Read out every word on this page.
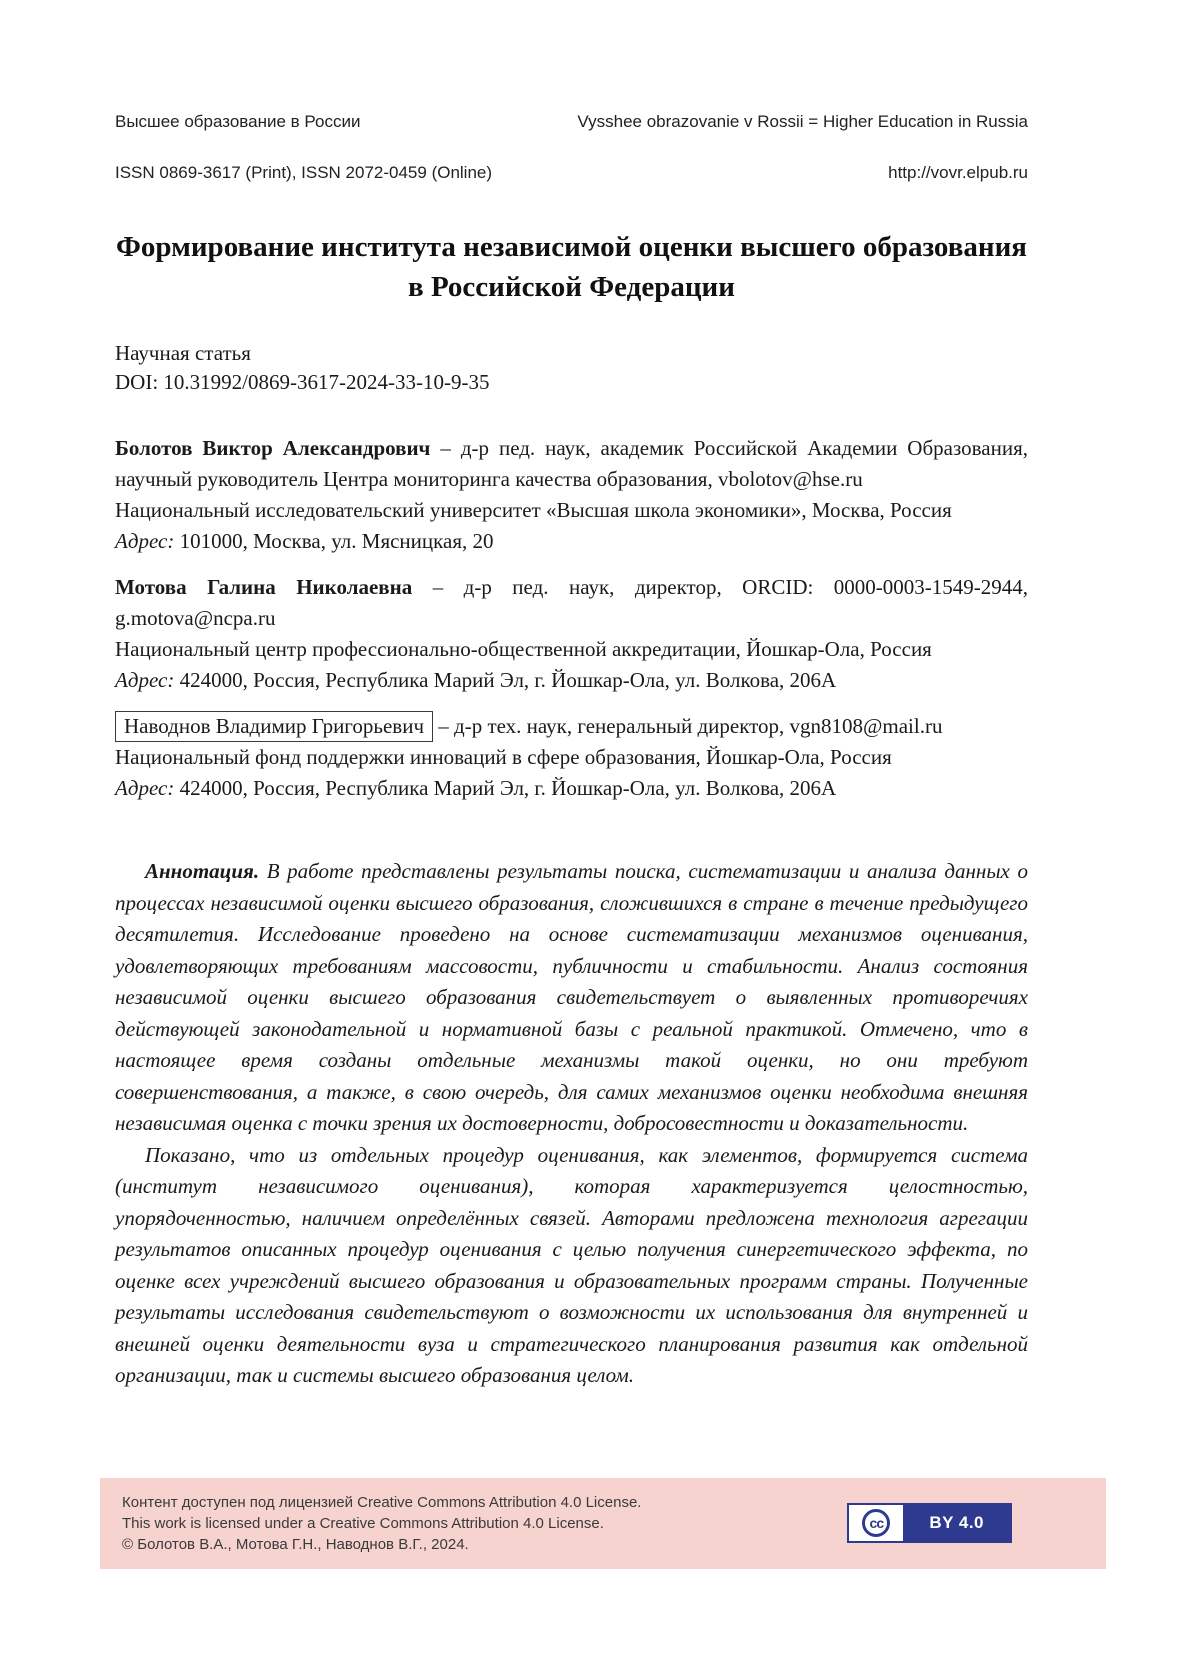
Высшее образование в России	Vysshee obrazovanie v Rossii = Higher Education in Russia
ISSN 0869-3617 (Print), ISSN 2072-0459 (Online)	http://vovr.elpub.ru
Формирование института независимой оценки высшего образования в Российской Федерации
Научная статья
DOI: 10.31992/0869-3617-2024-33-10-9-35

Болотов Виктор Александрович – д-р пед. наук, академик Российской Академии Образования, научный руководитель Центра мониторинга качества образования, vbolotov@hse.ru

Национальный исследовательский университет «Высшая школа экономики», Москва, Россия

Адрес: 101000, Москва, ул. Мясницкая, 20

Мотова Галина Николаевна – д-р пед. наук, директор, ORCID: 0000-0003-1549-2944, g.motova@ncpa.ru

Национальный центр профессионально-общественной аккредитации, Йошкар-Ола, Россия

Адрес: 424000, Россия, Республика Марий Эл, г. Йошкар-Ола, ул. Волкова, 206А

Наводнов Владимир Григорьевич – д-р тех. наук, генеральный директор, vgn8108@mail.ru

Национальный фонд поддержки инноваций в сфере образования, Йошкар-Ола, Россия

Адрес: 424000, Россия, Республика Марий Эл, г. Йошкар-Ола, ул. Волкова, 206А

Аннотация. В работе представлены результаты поиска, систематизации и анализа данных о процессах независимой оценки высшего образования, сложившихся в стране в течение предыдущего десятилетия. Исследование проведено на основе систематизации механизмов оценивания, удовлетворяющих требованиям массовости, публичности и стабильности. Анализ состояния независимой оценки высшего образования свидетельствует о выявленных противоречиях действующей законодательной и нормативной базы с реальной практикой. Отмечено, что в настоящее время созданы отдельные механизмы такой оценки, но они требуют совершенствования, а также, в свою очередь, для самих механизмов оценки необходима внешняя независимая оценка с точки зрения их достоверности, добросовестности и доказательности.

Показано, что из отдельных процедур оценивания, как элементов, формируется система (институт независимого оценивания), которая характеризуется целостностью, упорядоченностью, наличием определённых связей. Авторами предложена технология агрегации результатов описанных процедур оценивания с целью получения синергетического эффекта, по оценке всех учреждений высшего образования и образовательных программ страны. Полученные результаты исследования свидетельствуют о возможности их использования для внутренней и внешней оценки деятельности вуза и стратегического планирования развития как отдельной организации, так и системы высшего образования целом.

Контент доступен под лицензией Creative Commons Attribution 4.0 License.
This work is licensed under a Creative Commons Attribution 4.0 License.
© Болотов В.А., Мотова Г.Н., Наводнов В.Г., 2024.
cc	BY 4.0
